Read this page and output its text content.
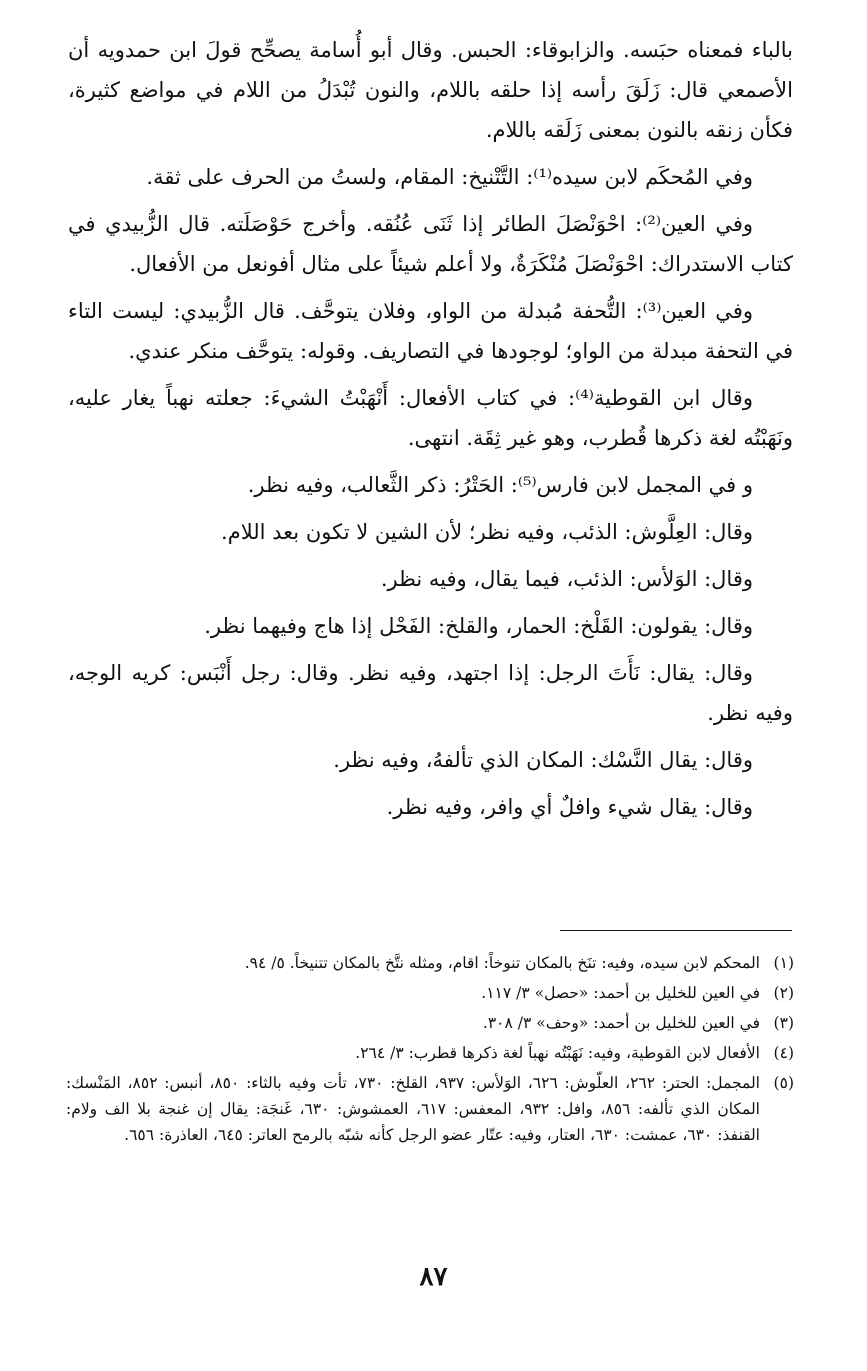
بالباء فمعناه حبَسه. والزابوقاء: الحبس. وقال أبو أُسامة يصحِّح قولَ ابن حمدويه أن الأصمعي قال: زَلَقَ رأسه إذا حلقه باللام، والنون تُبْدَلُ من اللام في مواضع كثيرة، فكأن زنقه بالنون بمعنى زَلَقه باللام.

وفي المُحكَم لابن سيده⁽¹⁾: التَّتْنيخ: المقام، ولستُ من الحرف على ثقة.

وفي العين⁽²⁾: احْوَنْصَلَ الطائر إذا ثَنَى عُنُقه. وأخرج حَوْصَلَته. قال الزُّبيدي في كتاب الاستدراك: احْوَنْصَلَ مُنْكَرَةٌ، ولا أعلم شيئاً على مثال أفونعل من الأفعال.

وفي العين⁽³⁾: التُّحفة مُبدلة من الواو، وفلان يتوحَّف. قال الزُّبيدي: ليست التاء في التحفة مبدلة من الواو؛ لوجودها في التصاريف. وقوله: يتوحَّف منكر عندي.

وقال ابن القوطية⁽⁴⁾: في كتاب الأفعال: أَنْهَبْتُ الشيءَ: جعلته نهباً يغار عليه، ونَهَبْتُه لغة ذكرها قُطرب، وهو غير ثِقَة. انتهى.

و في المجمل لابن فارس⁽⁵⁾: الحَتْرُ: ذكر الثَّعالب، وفيه نظر.

وقال: العِلَّوش: الذئب، وفيه نظر؛ لأن الشين لا تكون بعد اللام.

وقال: الوَلأس: الذئب، فيما يقال، وفيه نظر.

وقال: يقولون: القَلْخ: الحمار، والقلخ: الفَحْل إذا هاج وفيهما نظر.

وقال: يقال: نَأَتَ الرجل: إذا اجتهد، وفيه نظر. وقال: رجل أَنْبَس: كريه الوجه، وفيه نظر.

وقال: يقال النَّسْك: المكان الذي تألفهُ، وفيه نظر.

وقال: يقال شيء وافلٌ أي وافر، وفيه نظر.

(١)
المحكم لابن سيده، وفيه: تنَخ بالمكان تنوخاً: اقام، ومثله نتَّخ بالمكان تتنيخاً. ٥/ ٩٤.
(٢)
في العين للخليل بن أحمد: «حصل» ٣/ ١١٧.
(٣)
في العين للخليل بن أحمد: «وحف» ٣/ ٣٠٨.
(٤)
الأفعال لابن القوطية، وفيه: نَهَبْتُه نهباً لغة ذكرها قطرب: ٣/ ٢٦٤.
(٥)
المجمل: الحتر: ٢٦٢، العلّوش: ٦٢٦، الوَلأس: ٩٣٧، القلخ: ٧٣٠، تأت وفيه بالثاء: ٨٥٠، أنبس: ٨٥٢، المَنْسك: المكان الذي تألفه: ٨٥٦، وافل: ٩٣٢، المعفس: ٦١٧، العمشوش: ٦٣٠، غَنجَة: يقال إن غنجة بلا الف ولام: القنفذ: ٦٣٠، عمشت: ٦٣٠، العتار، وفيه: عتّار عضو الرجل كأنه شبّه بالرمح العاتر: ٦٤٥، العاذرة: ٦٥٦.
٨٧
